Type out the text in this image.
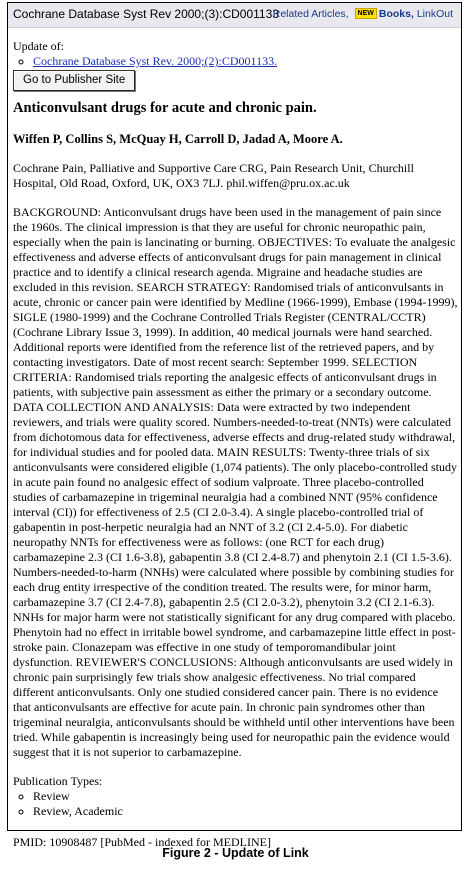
Cochrane Database Syst Rev 2000;(3):CD001133
Related Articles, NEW Books, LinkOut
Update of:
◦ Cochrane Database Syst Rev. 2000;(2):CD001133.
Go to Publisher Site
Anticonvulsant drugs for acute and chronic pain.
Wiffen P, Collins S, McQuay H, Carroll D, Jadad A, Moore A.
Cochrane Pain, Palliative and Supportive Care CRG, Pain Research Unit, Churchill Hospital, Old Road, Oxford, UK, OX3 7LJ. phil.wiffen@pru.ox.ac.uk
BACKGROUND: Anticonvulsant drugs have been used in the management of pain since the 1960s. The clinical impression is that they are useful for chronic neuropathic pain, especially when the pain is lancinating or burning. OBJECTIVES: To evaluate the analgesic effectiveness and adverse effects of anticonvulsant drugs for pain management in clinical practice and to identify a clinical research agenda. Migraine and headache studies are excluded in this revision. SEARCH STRATEGY: Randomised trials of anticonvulsants in acute, chronic or cancer pain were identified by Medline (1966-1999), Embase (1994-1999), SIGLE (1980-1999) and the Cochrane Controlled Trials Register (CENTRAL/CCTR) (Cochrane Library Issue 3, 1999). In addition, 40 medical journals were hand searched. Additional reports were identified from the reference list of the retrieved papers, and by contacting investigators. Date of most recent search: September 1999. SELECTION CRITERIA: Randomised trials reporting the analgesic effects of anticonvulsant drugs in patients, with subjective pain assessment as either the primary or a secondary outcome. DATA COLLECTION AND ANALYSIS: Data were extracted by two independent reviewers, and trials were quality scored. Numbers-needed-to-treat (NNTs) were calculated from dichotomous data for effectiveness, adverse effects and drug-related study withdrawal, for individual studies and for pooled data. MAIN RESULTS: Twenty-three trials of six anticonvulsants were considered eligible (1,074 patients). The only placebo-controlled study in acute pain found no analgesic effect of sodium valproate. Three placebo-controlled studies of carbamazepine in trigeminal neuralgia had a combined NNT (95% confidence interval (CI)) for effectiveness of 2.5 (CI 2.0-3.4). A single placebo-controlled trial of gabapentin in post-herpetic neuralgia had an NNT of 3.2 (CI 2.4-5.0). For diabetic neuropathy NNTs for effectiveness were as follows: (one RCT for each drug) carbamazepine 2.3 (CI 1.6-3.8), gabapentin 3.8 (CI 2.4-8.7) and phenytoin 2.1 (CI 1.5-3.6). Numbers-needed-to-harm (NNHs) were calculated where possible by combining studies for each drug entity irrespective of the condition treated. The results were, for minor harm, carbamazepine 3.7 (CI 2.4-7.8), gabapentin 2.5 (CI 2.0-3.2), phenytoin 3.2 (CI 2.1-6.3). NNHs for major harm were not statistically significant for any drug compared with placebo. Phenytoin had no effect in irritable bowel syndrome, and carbamazepine little effect in post-stroke pain. Clonazepam was effective in one study of temporomandibular joint dysfunction. REVIEWER'S CONCLUSIONS: Although anticonvulsants are used widely in chronic pain surprisingly few trials show analgesic effectiveness. No trial compared different anticonvulsants. Only one studied considered cancer pain. There is no evidence that anticonvulsants are effective for acute pain. In chronic pain syndromes other than trigeminal neuralgia, anticonvulsants should be withheld until other interventions have been tried. While gabapentin is increasingly being used for neuropathic pain the evidence would suggest that it is not superior to carbamazepine.
Publication Types:
◦ Review
◦ Review, Academic
PMID: 10908487 [PubMed - indexed for MEDLINE]
Figure 2 - Update of Link
